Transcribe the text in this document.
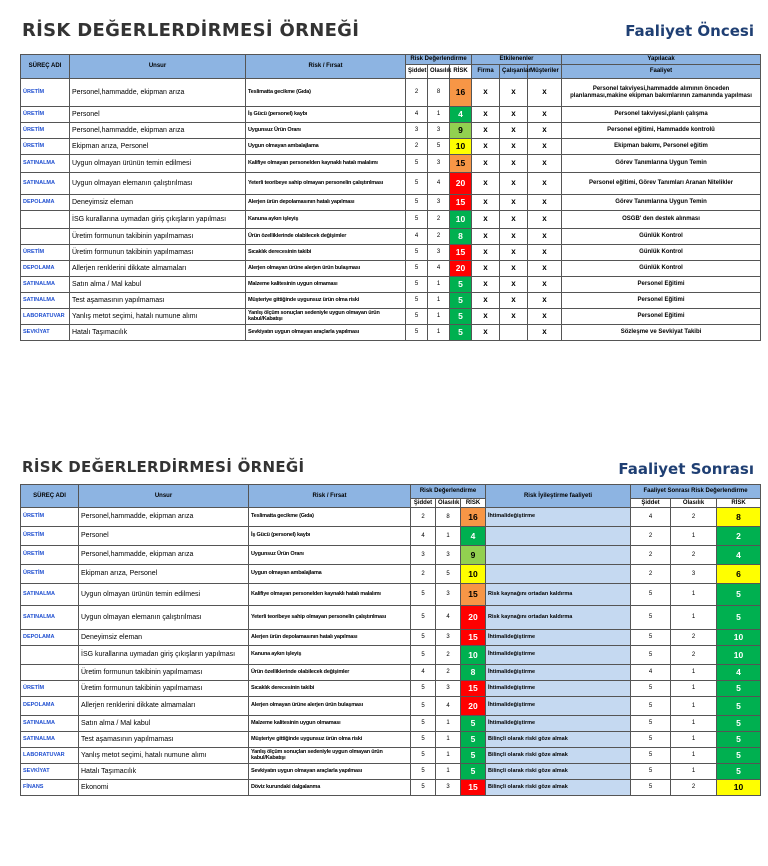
RİSK DEĞERLERDİRMESİ ÖRNEĞİ	Faaliyet Öncesi
SÜREÇ ADI	Unsur	Risk / Fırsat	Risk Değerlendirme			Etkilenenler			Yapılacak
			Şiddet	Olasılık	RİSK	Firma	Çalışanlar	Müşteriler	Faaliyet
ÜRETİM	Personel,hammadde, ekipman arıza	Teslimatta gecikme (Gıda)	2	8	16	x	x	x	Personel takviyesi,hammadde alımının önceden planlanması,makine ekipman bakımlarının zamanında yapılması
ÜRETİM	Personel	İş Gücü (personel) kaybı	4	1	4	x	x	x	Personel takviyesi,planlı çalışma
ÜRETİM	Personel,hammadde, ekipman arıza	Uygunsuz Ürün Oranı	3	3	9	x	x	x	Personel eğitimi, Hammadde kontrolü
ÜRETİM	Ekipman arıza, Personel	Uygun olmayan ambalajlama	2	5	10	x	x	x	Ekipman bakımı, Personel eğitim
SATINALMA	Uygun olmayan ürünün temin edilmesi	Kalifiye olmayan personelden kaynaklı hatalı malalımı	5	3	15	x	x	x	Görev Tanımlarına Uygun Temin
SATINALMA	Uygun olmayan elemanın çalıştırılması	Yeterli teoribeye sahip olmayan personelin çalıştırılması	5	4	20	x	x	x	Personel eğitimi, Görev Tanımları Aranan Nitelikler
DEPOLAMA	Deneyimsiz eleman	Alerjen ürün depolamasının hatalı yapılması	5	3	15	x	x	x	Görev Tanımlarına Uygun Temin
	İSG kurallarına uymadan giriş çıkışların yapılması	Kanuna aykırı işleyiş	5	2	10	x	x	x	OSGB' den destek alınması
	Üretim formunun takibinin yapılmaması	Ürün özelliklerinde olabilecek değişimler	4	2	8	x	x	x	Günlük Kontrol
ÜRETİM	Üretim formunun takibinin yapılmaması	Sıcaklık derecesinin takibi	5	3	15	x	x	x	Günlük Kontrol
DEPOLAMA	Allerjen renklerini dikkate almamaları	Alerjen olmayan ürüne alerjen ürün bulaşması	5	4	20	x	x	x	Günlük Kontrol
SATINALMA	Satın alma / Mal kabul	Malzeme kalitesinin uygun olmaması	5	1	5	x	x	x	Personel Eğitimi
SATINALMA	Test aşamasının yapılmaması	Müşteriye gittiğinde uygunsuz ürün olma riski	5	1	5	x	x	x	Personel Eğitimi
LABORATUVAR	Yanlış metot seçimi, hatalı numune alımı	Yanlış ölçüm sonuçları sedeniyle uygun olmayan ürün kabul/Kabatışı	5	1	5	x	x	x	Personel Eğitimi
SEVKİYAT	Hatalı Taşımacılık	Sevkiyatın uygun olmayan araçlarla yapılması	5	1	5	x		x	Sözleşme ve Sevkiyat Takibi
RİSK DEĞERLERDİRMESİ ÖRNEĞİ	Faaliyet Sonrası
SÜREÇ ADI	Unsur	Risk / Fırsat	Risk Değerlendirme			Risk İyileştirme faaliyeti	Faaliyet Sonrası Risk Değerlendirme		
			Şiddet	Olasılık	RİSK		Şiddet	Olasılık	RİSK
ÜRETİM	Personel,hammadde, ekipman arıza	Teslimatta gecikme (Gıda)	2	8	16	İhtimalideğiştirme	4	2	8
ÜRETİM	Personel	İş Gücü (personel) kaybı	4	1	4		2	1	2
ÜRETİM	Personel,hammadde, ekipman arıza	Uygunsuz Ürün Oranı	3	3	9		2	2	4
ÜRETİM	Ekipman arıza, Personel	Uygun olmayan ambalajlama	2	5	10		2	3	6
SATINALMA	Uygun olmayan ürünün temin edilmesi	Kalifiye olmayan personelden kaynaklı hatalı malalımı	5	3	15	Risk kaynağını ortadan kaldırma	5	1	5
SATINALMA	Uygun olmayan elemanın çalıştırılması	Yeterli teoribeye sahip olmayan personelin çalıştırılması	5	4	20	Risk kaynağını ortadan kaldırma	5	1	5
DEPOLAMA	Deneyimsiz eleman	Alerjen ürün depolamasının hatalı yapılması	5	3	15	İhtimalideğiştirme	5	2	10
	İSG kurallarına uymadan giriş çıkışların yapılması	Kanuna aykırı işleyiş	5	2	10	İhtimalideğiştirme	5	2	10
	Üretim formunun takibinin yapılmaması	Ürün özelliklerinde olabilecek değişimler	4	2	8	İhtimalideğiştirme	4	1	4
ÜRETİM	Üretim formunun takibinin yapılmaması	Sıcaklık derecesinin takibi	5	3	15	İhtimalideğiştirme	5	1	5
DEPOLAMA	Allerjen renklerini dikkate almamaları	Alerjen olmayan ürüne alerjen ürün bulaşması	5	4	20	İhtimalideğiştirme	5	1	5
SATINALMA	Satın alma / Mal kabul	Malzeme kalitesinin uygun olmaması	5	1	5	İhtimalideğiştirme	5	1	5
SATINALMA	Test aşamasının yapılmaması	Müşteriye gittiğinde uygunsuz ürün olma riski	5	1	5	Bilinçli olarak riski göze almak	5	1	5
LABORATUVAR	Yanlış metot seçimi, hatalı numune alımı	Yanlış ölçüm sonuçları sedeniyle uygun olmayan ürün kabul/Kabatışı	5	1	5	Bilinçli olarak riski göze almak	5	1	5
SEVKİYAT	Hatalı Taşımacılık	Sevkiyatın uygun olmayan araçlarla yapılması	5	1	5	Bilinçli olarak riski göze almak	5	1	5
FİNANS	Ekonomi	Döviz kurundaki dalgalanma	5	3	15	Bilinçli olarak riski göze almak	5	2	10
